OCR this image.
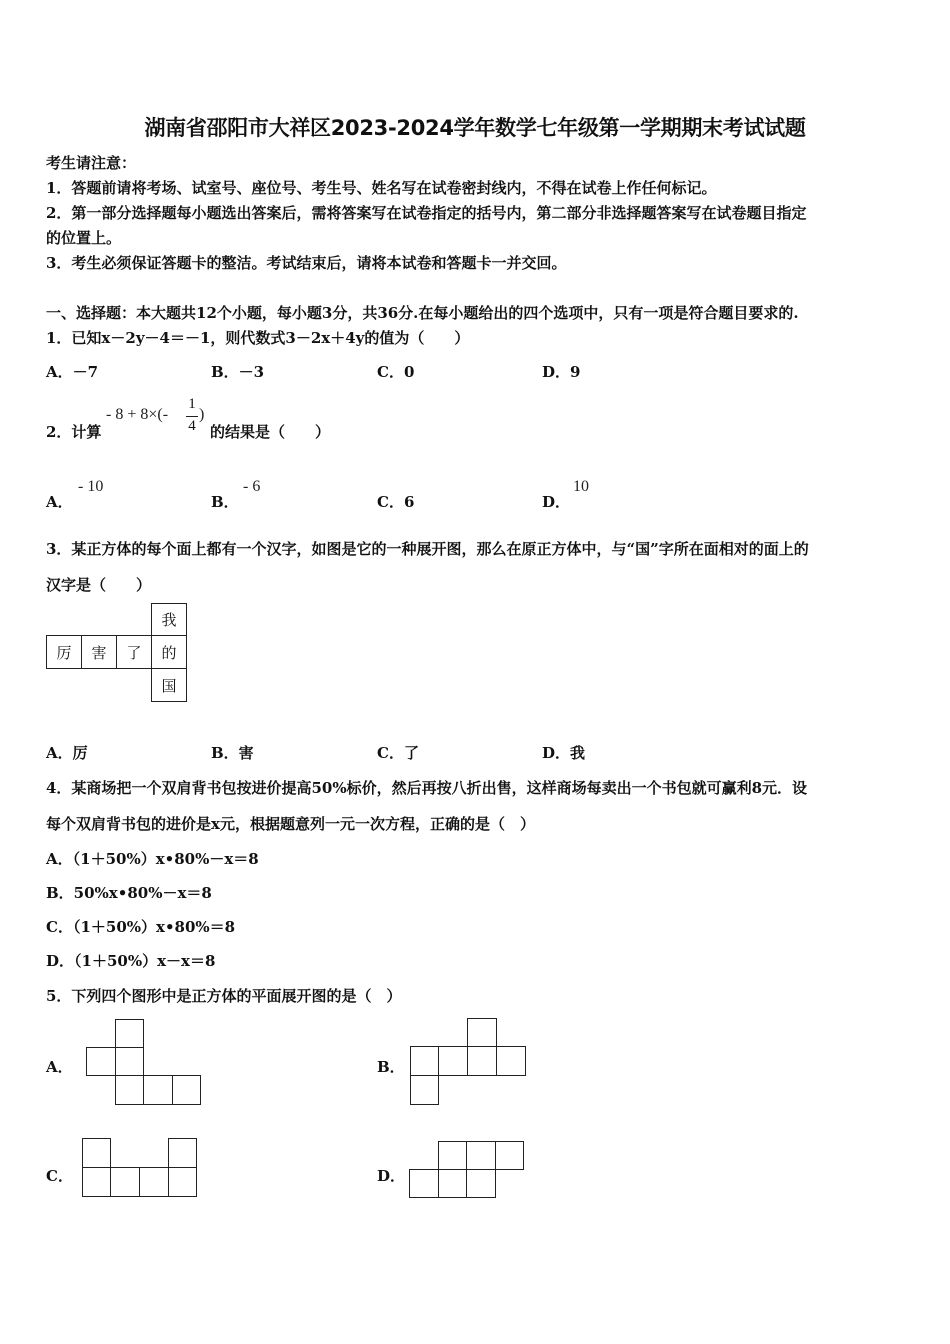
湖南省邵阳市大祥区2023-2024学年数学七年级第一学期期末考试试题
考生请注意：
1．答题前请将考场、试室号、座位号、考生号、姓名写在试卷密封线内，不得在试卷上作任何标记。
2．第一部分选择题每小题选出答案后，需将答案写在试卷指定的括号内，第二部分非选择题答案写在试卷题目指定
的位置上。
3．考生必须保证答题卡的整洁。考试结束后，请将本试卷和答题卡一并交回。
一、选择题：本大题共12个小题，每小题3分，共36分.在每小题给出的四个选项中，只有一项是符合题目要求的.
1．已知x－2y－4＝－1，则代数式3－2x＋4y的值为（　　）
A．－7	B．－3	C．0	D．9
2．计算
- 8 + 8×(-
1
4
)
的结果是（　　）
A．
- 10
B．
- 6
C．6	D．
10
3．某正方体的每个面上都有一个汉字，如图是它的一种展开图，那么在原正方体中，与“国”字所在面相对的面上的
汉字是（　　）
厉	害	了
我
的
国
A．厉	B．害	C．了	D．我
4．某商场把一个双肩背书包按进价提高50%标价，然后再按八折出售，这样商场每卖出一个书包就可赢利8元．设
每个双肩背书包的进价是x元，根据题意列一元一次方程，正确的是（　）
A．（1＋50%）x•80%－x＝8
B．50%x•80%－x＝8
C．（1＋50%）x•80%＝8
D．（1＋50%）x－x＝8
5．下列四个图形中是正方体的平面展开图的是（　）
A．	B．
C．	D．
